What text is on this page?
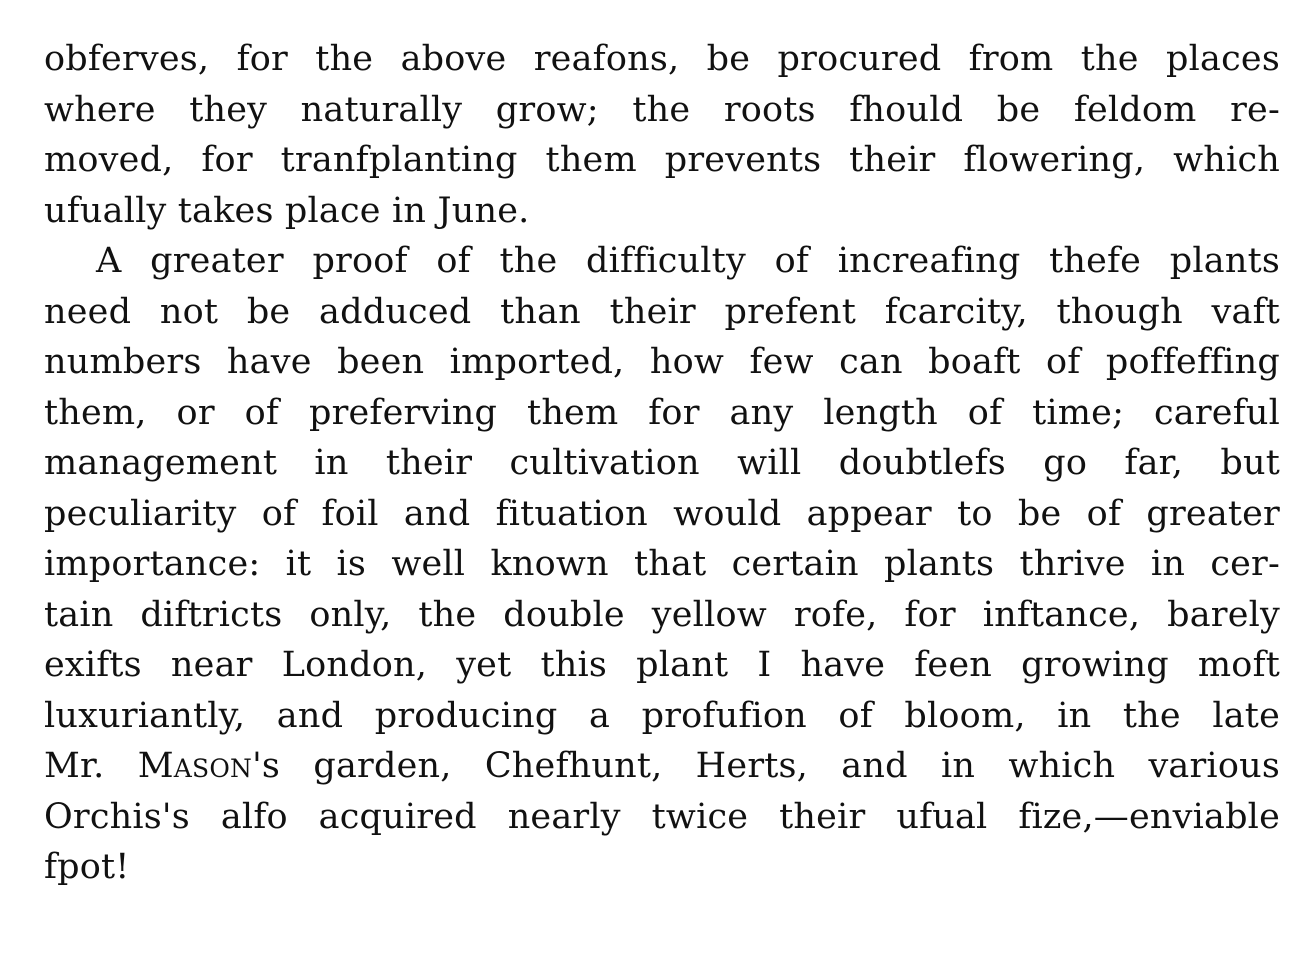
obferves, for the above reafons, be procured from the places
where they naturally grow; the roots fhould be feldom re-
moved, for tranfplanting them prevents their flowering, which
ufually takes place in June.
A greater proof of the difficulty of increafing thefe plants
need not be adduced than their prefent fcarcity, though vaft
numbers have been imported, how few can boaft of poffeffing
them, or of preferving them for any length of time; careful
management in their cultivation will doubtlefs go far, but
peculiarity of foil and fituation would appear to be of greater
importance: it is well known that certain plants thrive in cer-
tain diftricts only, the double yellow rofe, for inftance, barely
exifts near London, yet this plant I have feen growing moft
luxuriantly, and producing a profufion of bloom, in the late
Mr. Mason's garden, Chefhunt, Herts, and in which various
Orchis's alfo acquired nearly twice their ufual fize,—enviable
fpot!
